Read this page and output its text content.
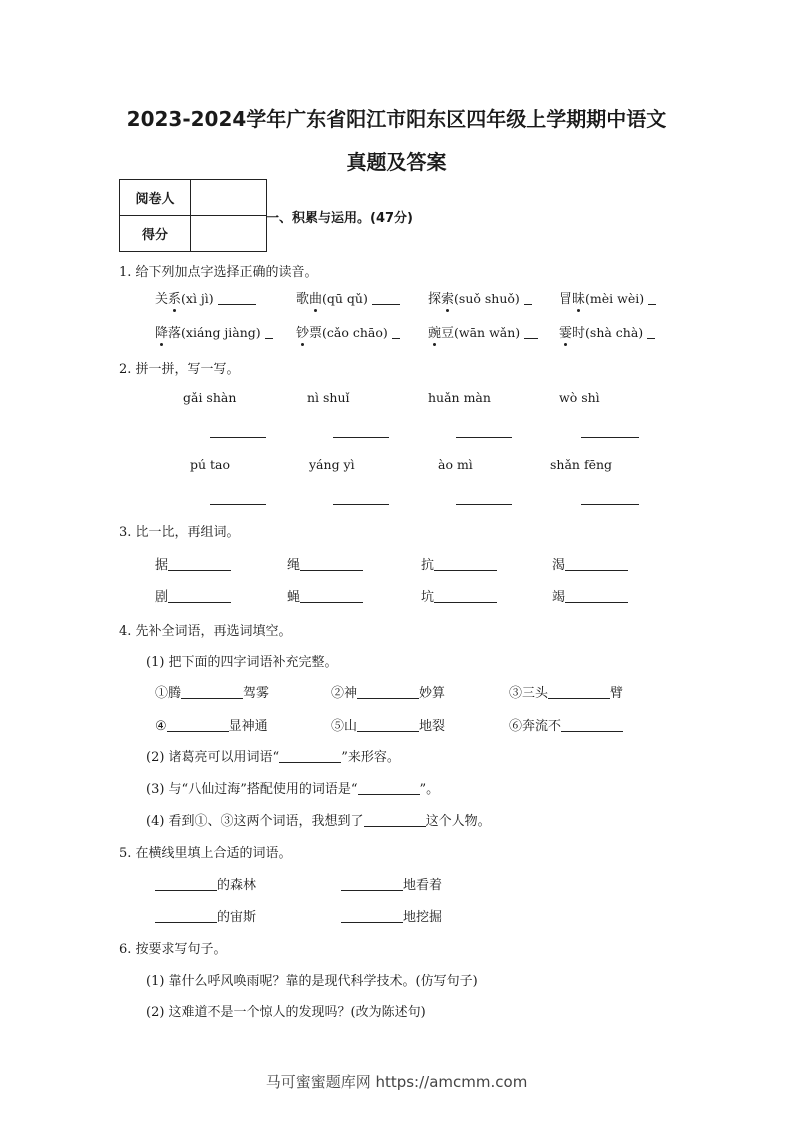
2023-2024学年广东省阳江市阳东区四年级上学期期中语文
真题及答案
阅卷人	
得分	
一、积累与运用。(47分)
1. 给下列加点字选择正确的读音。
关系(xì jì)	歌曲(qū qǔ)	探索(suǒ shuǒ)	冒昧(mèi wèi)
降落(xiáng jiàng)	钞票(cǎo chāo)	豌豆(wān wǎn)	霎时(shà chà)
2. 拼一拼，写一写。
gǎi shàn	nì shuǐ	huǎn màn	wò shì
pú tao	yáng yì	ào mì	shǎn fēng
3. 比一比，再组词。
据	绳	抗	渴
剧	蝇	坑	竭
4. 先补全词语，再选词填空。
(1) 把下面的四字词语补充完整。
①腾	驾雾	②神	妙算	③三头	臂
④	显神通	⑤山	地裂	⑥奔流不
(2) 诸葛亮可以用词语“	”来形容。
(3) 与“八仙过海”搭配使用的词语是“	”。
(4) 看到①、③这两个词语，我想到了	这个人物。
5. 在横线里填上合适的词语。
的森林	地看着
的宙斯	地挖掘
6. 按要求写句子。
(1) 靠什么呼风唤雨呢？靠的是现代科学技术。(仿写句子)
(2) 这难道不是一个惊人的发现吗？(改为陈述句)
马可蜜蜜题库网 https://amcmm.com
